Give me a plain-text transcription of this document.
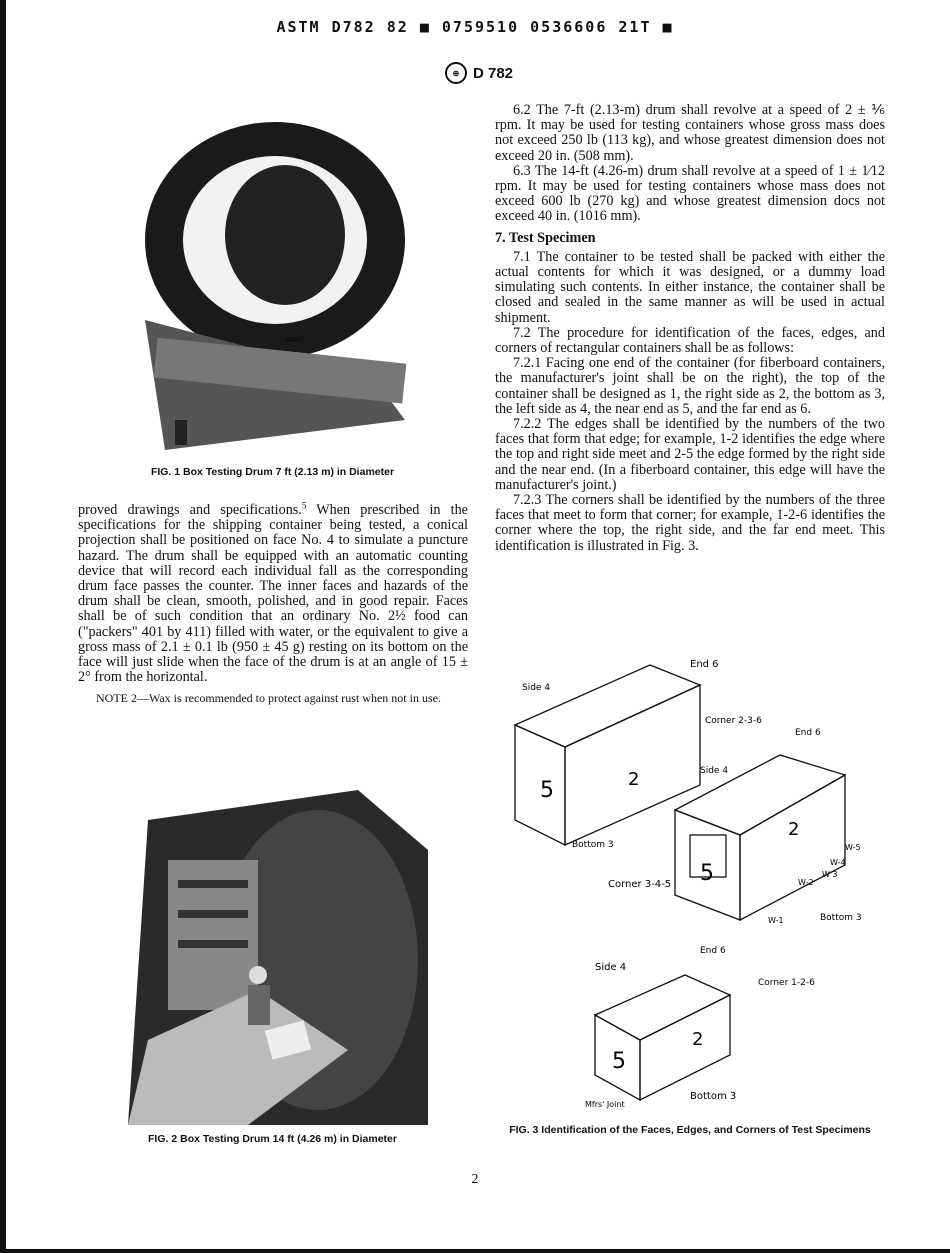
ASTM D782 82 ■ 0759510 0536606 21T ■
⊕ D 782
START
FIG. 1 Box Testing Drum 7 ft (2.13 m) in Diameter

proved drawings and specifications.$^5$ When prescribed in the specifications for the shipping container being tested, a conical projection shall be positioned on face No. 4 to simulate a puncture hazard. The drum shall be equipped with an automatic counting device that will record each individual fall as the corresponding drum face passes the counter. The inner faces and hazards of the drum shall be clean, smooth, polished, and in good repair. Faces shall be of such condition that an ordinary No. 2½ food can ("packers" 401 by 411) filled with water, or the equivalent to give a gross mass of 2.1 ± 0.1 lb (950 ± 45 g) resting on its bottom on the face will just slide when the face of the drum is at an angle of 15 ± 2° from the horizontal.

NOTE 2—Wax is recommended to protect against rust when not in use.

FIG. 2 Box Testing Drum 14 ft (4.26 m) in Diameter

6.2 The 7-ft (2.13-m) drum shall revolve at a speed of 2 ± ⅙ rpm. It may be used for testing containers whose gross mass does not exceed 250 lb (113 kg), and whose greatest dimension does not exceed 20 in. (508 mm).

6.3 The 14-ft (4.26-m) drum shall revolve at a speed of 1 ± 1⁄12 rpm. It may be used for testing containers whose mass does not exceed 600 lb (270 kg) and whose greatest dimension docs not exceed 40 in. (1016 mm).

7. Test Specimen

7.1 The container to be tested shall be packed with either the actual contents for which it was designed, or a dummy load simulating such contents. In either instance, the container shall be closed and sealed in the same manner as will be used in actual shipment.

7.2 The procedure for identification of the faces, edges, and corners of rectangular containers shall be as follows:

7.2.1 Facing one end of the container (for fiberboard containers, the manufacturer's joint shall be on the right), the top of the container shall be designed as 1, the right side as 2, the bottom as 3, the left side as 4, the near end as 5, and the far end as 6.

7.2.2 The edges shall be identified by the numbers of the two faces that form that edge; for example, 1-2 identifies the edge where the top and right side meet and 2-5 the edge formed by the right side and the near end. (In a fiberboard container, this edge will have the manufacturer's joint.)

7.2.3 The corners shall be identified by the numbers of the three faces that meet to form that corner; for example, 1-2-6 identifies the corner where the top, the right side, and the far end meet. This identification is illustrated in Fig. 3.

End 6
Side 4
Corner 2-3-6
Bottom 3
Corner 3-4-5
End 6
Side 4
Bottom 3
W-1
W-2
W 3
W-4
W-5
End 6
Side 4
Corner 1-2-6
Bottom 3
Mfrs' Joint
5
5
5
2
2
2
FIG. 3 Identification of the Faces, Edges, and Corners of Test Specimens
2
